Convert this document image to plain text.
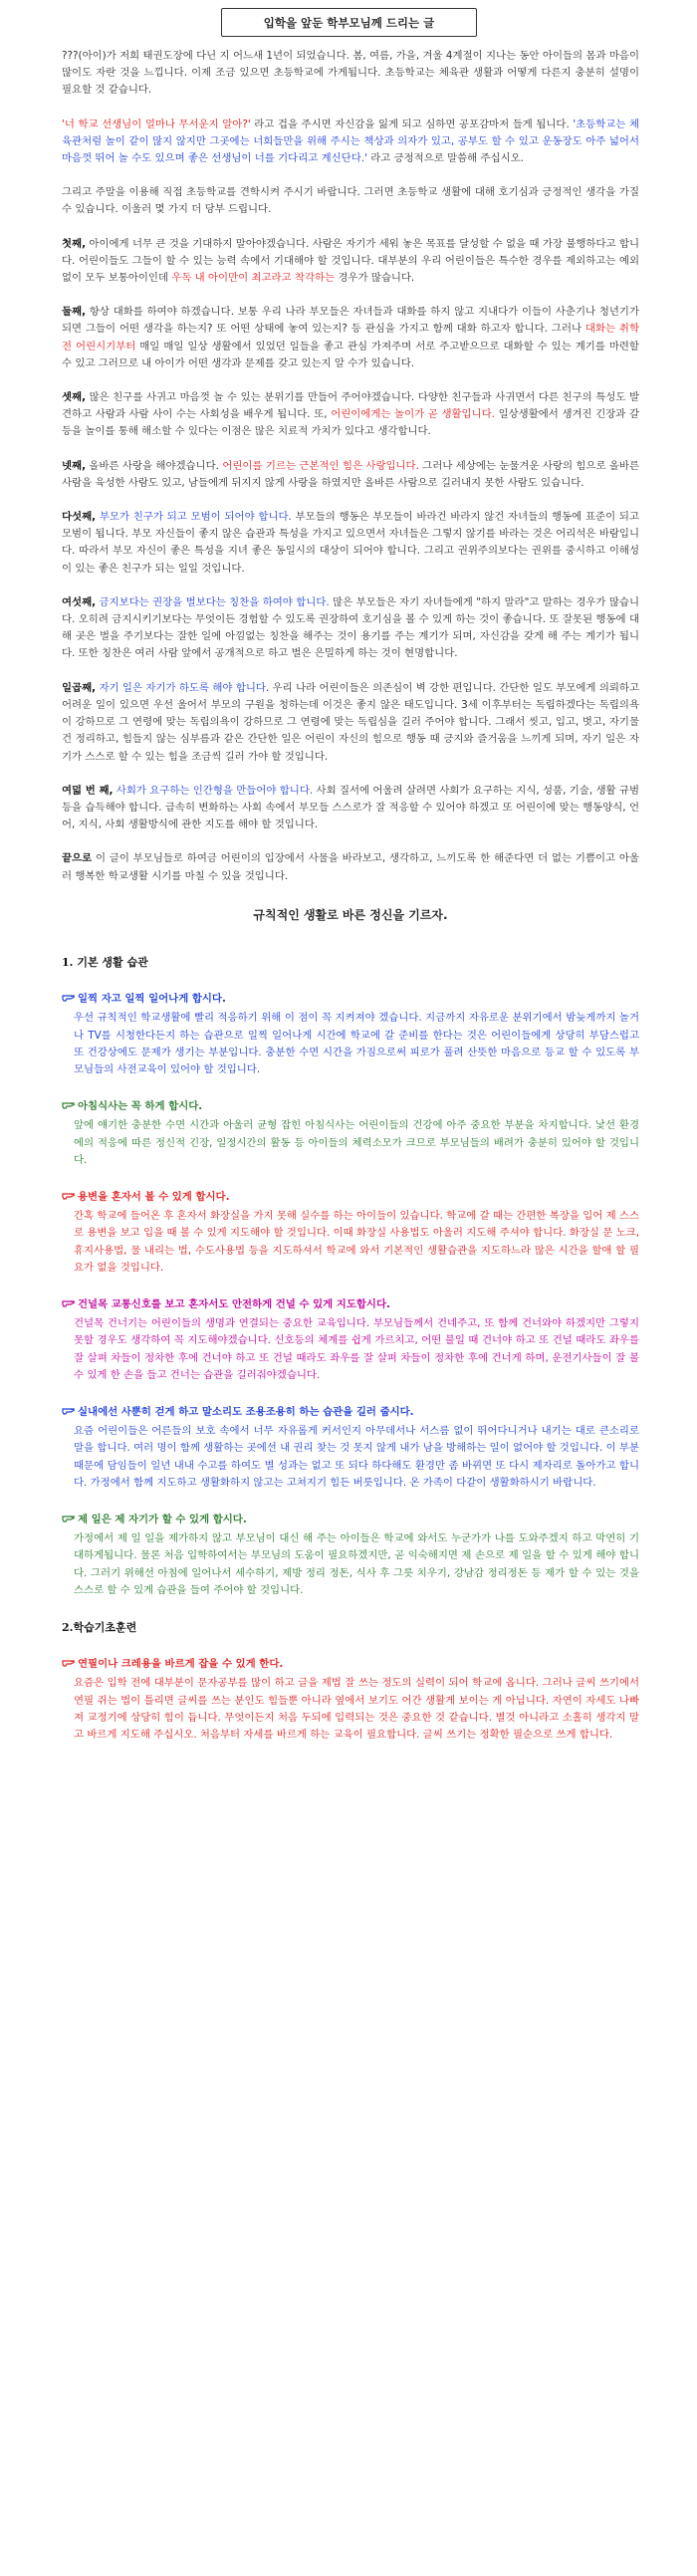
입학을 앞둔 학부모님께 드리는 글

???(아이)가 저희 태권도장에 다닌 지 어느새 1년이 되었습니다. 봄, 여름, 가을, 겨울 4계절이 지나는 동안 아이들의 몸과 마음이 많이도 자란 것을 느낍니다. 이제 조금 있으면 초등학교에 가게됩니다. 초등학교는 체육관 생활과 어떻게 다른지 충분히 설명이 필요할 것 같습니다.

'너 학교 선생님이 얼마나 무서운지 알아?' 라고 겁을 주시면 자신감을 잃게 되고 심하면 공포감마저 들게 됩니다. '초등학교는 체육관처럼 놀이 같이 많지 않지만 그곳에는 너희들만을 위해 주시는 책상과 의자가 있고, 공부도 할 수 있고 운동장도 아주 넓어서 마음껏 뛰어 놀 수도 있으며 좋은 선생님이 너를 기다리고 계신단다.' 라고 긍정적으로 말씀해 주십시오.

그리고 주말을 이용해 직접 초등학교를 견학시켜 주시기 바랍니다. 그러면 초등학교 생활에 대해 호기심과 긍정적인 생각을 가질 수 있습니다. 이울러 몇 가지 더 당부 드립니다.

첫째, 아이에게 너무 큰 것을 기대하지 말아야겠습니다. 사람은 자기가 세워 놓은 목표를 달성할 수 없을 때 가장 불행하다고 합니다. 어린이들도 그들이 할 수 있는 능력 속에서 기대해야 할 것입니다. 대부분의 우리 어린이들은 특수한 경우를 제외하고는 예외 없이 모두 보통아이인데 우독 내 아이만이 최고라고 착각하는 경우가 많습니다.

둘째, 항상 대화를 하여야 하겠습니다. 보통 우리 나라 부모들은 자녀들과 대화를 하지 않고 지내다가 이들이 사춘기나 청년기가 되면 그들이 어떤 생각을 하는지? 또 어떤 상태에 놓여 있는지? 등 관심을 가지고 함께 대화 하고자 합니다. 그러나 대화는 취학 전 어린시기부터 매일 매일 일상 생활에서 있었던 일들을 좋고 관심 가져주며 서로 주고받으므로 대화할 수 있는 계기를 마련할 수 있고 그러므로 내 아이가 어떤 생각과 문제를 갖고 있는지 알 수가 있습니다.

셋째, 많은 친구를 사귀고 마음껏 놀 수 있는 분위기를 만들어 주어야겠습니다. 다양한 친구들과 사귀면서 다른 친구의 특성도 발견하고 사람과 사람 사이 수는 사회성을 배우게 됩니다. 또, 어린이에게는 놀이가 곧 생활입니다. 일상생활에서 생겨진 긴장과 갈등을 놀이를 통해 해소할 수 있다는 이점은 많은 치료적 가치가 있다고 생각합니다.

넷째, 올바른 사랑을 해야겠습니다. 어린이를 기르는 근본적인 힘은 사랑입니다. 그러나 세상에는 눈물겨운 사랑의 힘으로 올바른 사람을 육성한 사람도 있고, 남들에게 뒤지지 않게 사랑을 하였지만 올바른 사람으로 길러내지 못한 사람도 있습니다.

다섯째, 부모가 친구가 되고 모범이 되어야 합니다. 부모들의 행동은 부모들이 바라건 바라지 않건 자녀들의 행동에 표준이 되고 모범이 됩니다. 부모 자신들이 좋지 않은 습관과 특성을 가지고 있으면서 자녀들은 그렇지 않기를 바라는 것은 어리석은 바람입니다. 따라서 부모 자신이 좋은 특성을 지녀 좋은 동일시의 대상이 되어야 합니다. 그리고 권위주의보다는 권위를 중시하고 이해성이 있는 좋은 친구가 되는 일일 것입니다.

여섯째, 금지보다는 권장을 벌보다는 칭찬을 하여야 합니다. 많은 부모들은 자기 자녀들에게 "하지 말라"고 말하는 경우가 많습니다. 오히려 금지시키기보다는 무엇이든 경험할 수 있도록 권장하여 호기심을 볼 수 있게 하는 것이 좋습니다. 또 잘못된 행동에 대해 곳은 벌을 주기보다는 잘한 일에 아낌없는 칭찬을 해주는 것이 용기를 주는 계기가 되며, 자신감을 갖게 해 주는 계기가 됩니다. 또한 칭찬은 여러 사람 앞에서 공개적으로 하고 벌은 은밀하게 하는 것이 현명합니다.

일곱째, 자기 일은 자기가 하도록 해야 합니다. 우리 나라 어린이들은 의존심이 벽 강한 편입니다. 간단한 일도 부모에게 의뢰하고 어려운 일이 있으면 우선 울어서 부모의 구원을 청하는데 이것은 좋지 않은 태도입니다. 3세 이후부터는 독립하겠다는 독립의욕이 강하므로 그 연령에 맞는 독립의욕이 강하므로 그 연령에 맞는 독립심을 길러 주어야 합니다. 그래서 씻고, 입고, 벗고, 자기물건 정리하고, 힘들지 않는 심부름과 같은 간단한 일은 어린이 자신의 힘으로 행동 때 긍지와 즐거움을 느끼게 되며, 자기 일은 자기가 스스로 할 수 있는 힘을 조금씩 길러 가야 할 것입니다.

여덟 번 째, 사회가 요구하는 인간형을 만들어야 합니다. 사회 질서에 어울려 살려면 사회가 요구하는 지식, 성품, 기술, 생활 규범 등을 습득해야 합니다. 급속히 변화하는 사회 속에서 부모들 스스로가 잘 적응할 수 있어야 하겠고 또 어린이에 맞는 행동양식, 언어, 지식, 사회 생활방식에 관한 지도를 해야 할 것입니다.

끝으로 이 글이 부모님들로 하여금 어린이의 입장에서 사물을 바라보고, 생각하고, 느끼도록 한 해준다면 더 없는 기쁨이고 아울러 행복한 학교생활 시기를 마칠 수 있을 것입니다.

규칙적인 생활로 바른 정신을 기르자.
1. 기본 생활 습관
일찍 자고 일찍 일어나게 합시다.
우선 규칙적인 학교생활에 빨리 적응하기 위해 이 점이 꼭 지켜져야 겠습니다. 지금까지 자유로운 분위기에서 밤늦게까지 놀거나 TV를 시청한다든지 하는 습관으로 일찍 일어나게 시간에 학교에 갈 준비를 한다는 것은 어린이들에게 상당히 부담스럽고 또 건강상에도 문제가 생기는 부분입니다. 충분한 수면 시간을 가짐으로써 피로가 풀려 산뜻한 마음으로 등교 할 수 있도록 부모님들의 사전교육이 있어야 할 것입니다.
아침식사는 꼭 하게 합시다.
앞에 얘기한 충분한 수면 시간과 아울러 균형 잡힌 아침식사는 어린이들의 건강에 아주 중요한 부분을 차지합니다. 낯선 환경에의 적응에 따른 정신적 긴장, 일정시간의 활동 등 아이들의 체력소모가 크므로 부모님들의 배려가 충분히 있어야 할 것입니다.
용변을 혼자서 볼 수 있게 합시다.
간혹 학교에 들어온 후 혼자서 화장실을 가지 못해 실수를 하는 아이들이 있습니다. 학교에 갈 때는 간편한 복장을 입어 제 스스로 용변을 보고 입을 때 볼 수 있게 지도해야 할 것입니다. 이때 화장실 사용법도 아울러 지도해 주셔야 합니다. 화장실 문 노크, 휴지사용법, 물 내리는 법, 수도사용법 등을 지도하셔서 학교에 와서 기본적인 생활습관을 지도하느라 많은 시간을 할애 할 필요가 없을 것입니다.
건널목 교통신호를 보고 혼자서도 안전하게 건널 수 있게 지도합시다.
건널목 건너기는 어린이들의 생명과 연결되는 중요한 교육입니다. 부모님들께서 건네주고, 또 함께 건너와야 하겠지만 그렇지 못할 경우도 생각하여 꼭 지도해야겠습니다. 신호등의 체계를 쉽게 가르치고, 어떤 불일 때 건너야 하고 또 건널 때라도 좌우를 잘 살펴 차들이 정차한 후에 건너야 하고 또 건널 때라도 좌우를 잘 살펴 차들이 정차한 후에 건너게 하며, 운전기사들이 잘 볼 수 있게 한 손을 들고 건너는 습관을 길러줘야겠습니다.
실내에선 사뿐히 걷게 하고 말소리도 조용조용히 하는 습관을 길러 줍시다.
요즘 어린이들은 어른들의 보호 속에서 너무 자유롭게 커서인지 아무데서나 서스름 없이 뛰어다니거나 내기는 대로 큰소리로 말을 합니다. 여러 명이 함께 생활하는 곳에선 내 권리 찾는 것 못지 않게 내가 남을 방해하는 일이 없어야 할 것입니다. 이 부분 때문에 담임들이 일년 내내 수고를 하여도 별 성과는 없고 또 되다 하다해도 환경만 좀 바뀌면 또 다시 제자리로 돌아가고 합니다. 가정에서 함께 지도하고 생활화하지 않고는 고쳐지기 힘든 버릇입니다. 온 가족이 다같이 생활화하시기 바랍니다.
제 일은 제 자기가 할 수 있게 합시다.
가정에서 제 일 일을 제가하지 않고 부모님이 대신 해 주는 아이들은 학교에 와서도 누군가가 나를 도와주겠지 하고 막연히 기대하게됩니다. 물론 처음 입학하여서는 부모님의 도움이 필요하겠지만, 곧 익숙해지면 제 손으로 제 일을 할 수 있게 해야 합니다. 그러기 위해선 아침에 일어나서 세수하기, 제방 정리 정돈, 식사 후 그릇 치우기, 강남감 정리정돈 등 제가 할 수 있는 것을 스스로 할 수 있게 습관을 들여 주어야 할 것입니다.
2.학습기초훈련
연필이나 크레용을 바르게 잡을 수 있게 한다.
요즘은 입학 전에 대부분이 문자공부를 많이 하고 글을 제법 잘 쓰는 정도의 실력이 되어 학교에 옵니다. 그러나 글씨 쓰기에서 연필 쥐는 법이 틀리면 글씨를 쓰는 분인도 힘들뿐 아니라 옆에서 보기도 어간 생활게 보이는 게 아닙니다. 자연이 자세도 나빠져 교정기에 상당히 힘이 듭니다. 무엇이든지 처음 두되에 입력되는 것은 중요한 것 같습니다. 별것 아니라고 소홀히 생각지 말고 바르게 지도해 주십시오. 처음부터 자세를 바르게 하는 교육이 필요합니다. 글씨 쓰기는 정확한 필순으로 쓰게 합니다.
